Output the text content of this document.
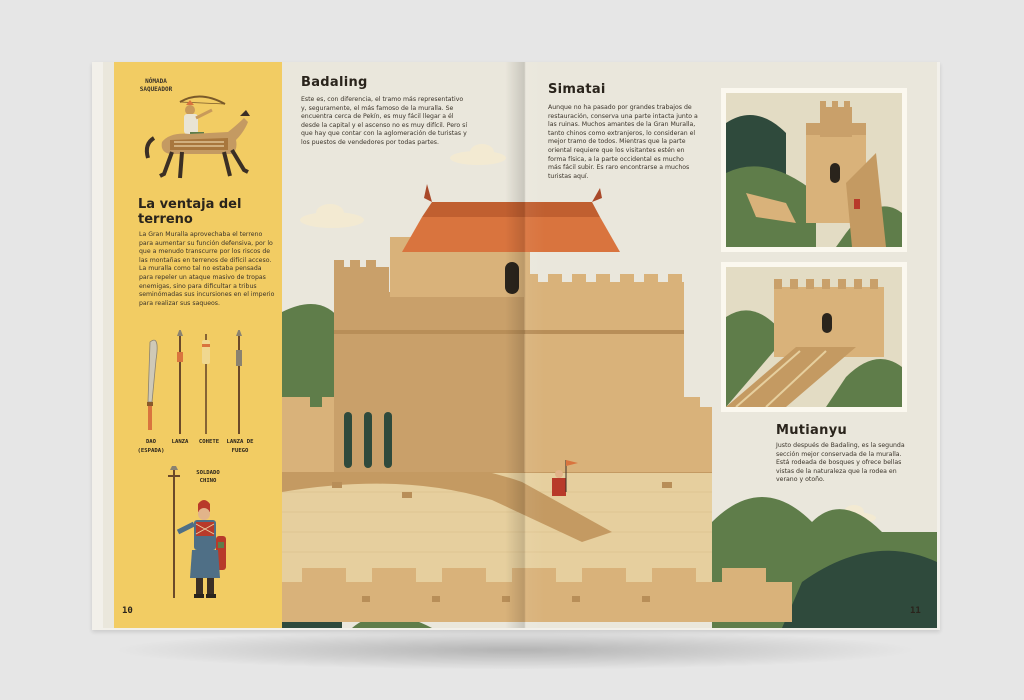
NÓMADA SAQUEADOR
La ventaja del terreno
La Gran Muralla aprovechaba el terreno para aumentar su función defensiva, por lo que a menudo transcurre por los riscos de las montañas en terrenos de difícil acceso. La muralla como tal no estaba pensada para repeler un ataque masivo de tropas enemigas, sino para dificultar a tribus seminómadas sus incursiones en el imperio para realizar sus saqueos.
DAO (ESPADA)
LANZA	COHETE	LANZA DE FUEGO
SOLDADO CHINO
10
Badaling
Este es, con diferencia, el tramo más representativo y, seguramente, el más famoso de la muralla. Se encuentra cerca de Pekín, es muy fácil llegar a él desde la capital y el ascenso no es muy difícil. Pero sí que hay que contar con la aglomeración de turistas y los puestos de vendedores por todas partes.
Simatai
Aunque no ha pasado por grandes trabajos de restauración, conserva una parte intacta junto a las ruinas. Muchos amantes de la Gran Muralla, tanto chinos como extranjeros, lo consideran el mejor tramo de todos. Mientras que la parte oriental requiere que los visitantes estén en forma física, a la parte occidental es mucho más fácil subir. Es raro encontrarse a muchos turistas aquí.
Mutianyu
Justo después de Badaling, es la segunda sección mejor conservada de la muralla. Está rodeada de bosques y ofrece bellas vistas de la naturaleza que la rodea en verano y otoño.
11
